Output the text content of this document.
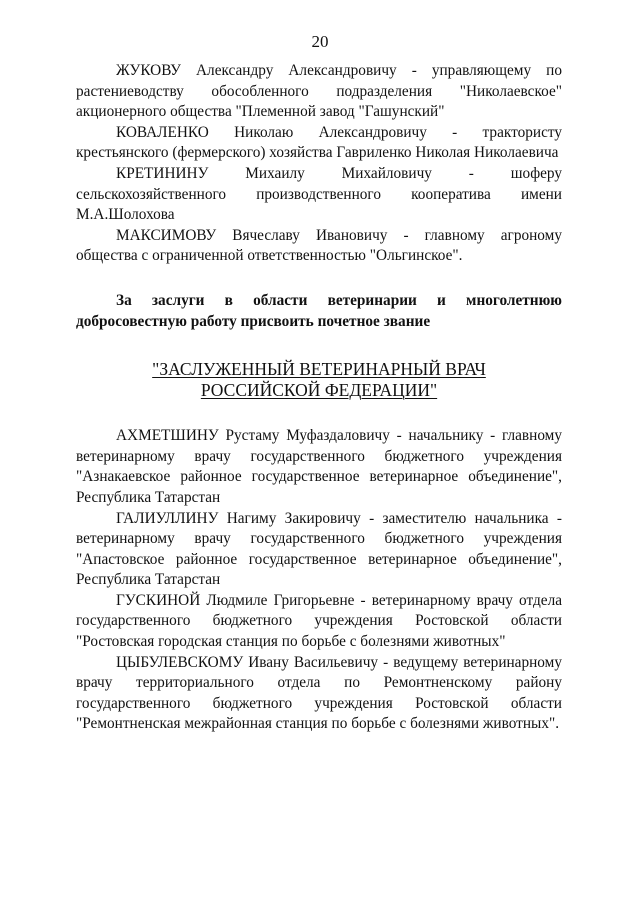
20

ЖУКОВУ Александру Александровичу - управляющему по растениеводству обособленного подразделения "Николаевское" акционерного общества "Племенной завод "Гашунский"

КОВАЛЕНКО Николаю Александровичу - трактористу крестьянского (фермерского) хозяйства Гавриленко Николая Николаевича

КРЕТИНИНУ Михаилу Михайловичу - шоферу сельскохозяйственного производственного кооператива имени М.А.Шолохова

МАКСИМОВУ Вячеславу Ивановичу - главному агроному общества с ограниченной ответственностью "Ольгинское".

За заслуги в области ветеринарии и многолетнюю добросовестную работу присвоить почетное звание

"ЗАСЛУЖЕННЫЙ ВЕТЕРИНАРНЫЙ ВРАЧ
РОССИЙСКОЙ ФЕДЕРАЦИИ"

АХМЕТШИНУ Рустаму Муфаздаловичу - начальнику - главному ветеринарному врачу государственного бюджетного учреждения "Азнакаевское районное государственное ветеринарное объединение", Республика Татарстан

ГАЛИУЛЛИНУ Нагиму Закировичу - заместителю начальника - ветеринарному врачу государственного бюджетного учреждения "Апастовское районное государственное ветеринарное объединение", Республика Татарстан

ГУСКИНОЙ Людмиле Григорьевне - ветеринарному врачу отдела государственного бюджетного учреждения Ростовской области "Ростовская городская станция по борьбе с болезнями животных"

ЦЫБУЛЕВСКОМУ Ивану Васильевичу - ведущему ветеринарному врачу территориального отдела по Ремонтненскому району государственного бюджетного учреждения Ростовской области "Ремонтненская межрайонная станция по борьбе с болезнями животных".
